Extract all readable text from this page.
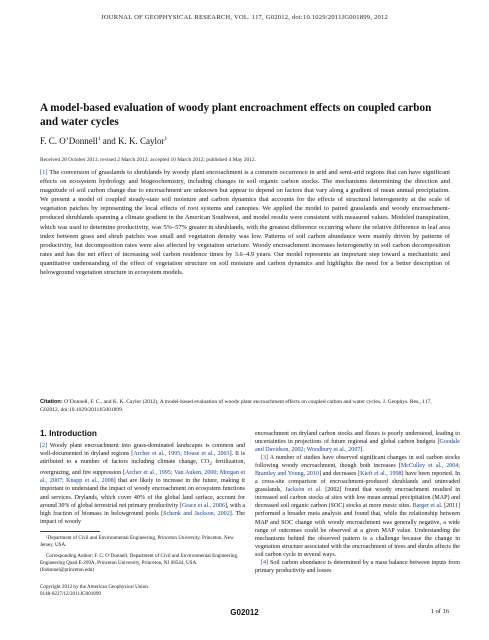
JOURNAL OF GEOPHYSICAL RESEARCH, VOL. 117, G02012, doi:10.1029/2011JG001899, 2012
A model-based evaluation of woody plant encroachment effects on coupled carbon and water cycles
F. C. O’Donnell$^1$ and K. K. Caylor$^1$
Received 28 October 2011; revised 2 March 2012; accepted 10 March 2012; published 4 May 2012.
[1] The conversion of grasslands to shrublands by woody plant encroachment is a common occurrence in arid and semi-arid regions that can have significant effects on ecosystem hydrology and biogeochemistry, including changes in soil organic carbon stocks. The mechanisms determining the direction and magnitude of soil carbon change due to encroachment are unknown but appear to depend on factors that vary along a gradient of mean annual precipitation. We present a model of coupled steady-state soil moisture and carbon dynamics that accounts for the effects of structural heterogeneity at the scale of vegetation patches by representing the local effects of root systems and canopies. We applied the model to paired grasslands and woody encroachment-produced shrublands spanning a climate gradient in the American Southwest, and model results were consistent with measured values. Modeled transpiration, which was used to determine productivity, was 5%–57% greater in shrublands, with the greatest difference occurring where the relative difference in leaf area index between grass and shrub patches was small and vegetation density was low. Patterns of soil carbon abundance were mainly driven by patterns of productivity, but decomposition rates were also affected by vegetation structure. Woody encroachment increases heterogeneity in soil carbon decomposition rates and has the net effect of increasing soil carbon residence times by 3.6–4.9 years. Our model represents an important step toward a mechanistic and quantitative understanding of the effect of vegetation structure on soil moisture and carbon dynamics and highlights the need for a better description of belowground vegetation structure in ecosystem models.
Citation: O’Donnell, F. C., and K. K. Caylor (2012), A model-based evaluation of woody plant encroachment effects on coupled carbon and water cycles, J. Geophys. Res., 117, G02012, doi:10.1029/2011JG001899.
1. Introduction
[2] Woody plant encroachment into grass-dominated landscapes is common and well-documented in dryland regions [Archer et al., 1995; House et al., 2003]. It is attributed to a number of factors including climate change, $CO_2$ fertilization, overgrazing, and fire suppression [Archer et al., 1995; Van Auken, 2000; Morgan et al., 2007; Knapp et al., 2008] that are likely to increase in the future, making it important to understand the impact of woody encroachment on ecosystem functions and services. Drylands, which cover 40% of the global land surface, account for around 30% of global terrestrial net primary productivity [Grace et al., 2006], with a high fraction of biomass in belowground pools [Schenk and Jackson, 2002]. The impact of woody
encroachment on dryland carbon stocks and fluxes is poorly understood, leading to uncertainties in projections of future regional and global carbon budgets [Goodale and Davidson, 2002; Woodbury et al., 2007].
[3] A number of studies have observed significant changes in soil carbon stocks following woody encroachment, though both increases [McCulley et al., 2004; Brantley and Young, 2010] and decreases [Kieft et al., 1998] have been reported. In a cross-site comparison of encroachment-produced shrublands and uninvaded grasslands, Jackson et al. [2002] found that woody encroachment resulted in increased soil carbon stocks at sites with low mean annual precipitation (MAP) and decreased soil organic carbon (SOC) stocks at more mesic sites. Barger et al. [2011] performed a broader meta analysis and found that, while the relationship between MAP and SOC change with woody encroachment was generally negative, a wide range of outcomes could be observed at a given MAP value. Understanding the mechanisms behind the observed pattern is a challenge because the change in vegetation structure associated with the encroachment of trees and shrubs affects the soil carbon cycle in several ways.
[4] Soil carbon abundance is determined by a mass balance between inputs from primary productivity and losses

¹Department of Civil and Environmental Engineering, Princeton University, Princeton, New Jersey, USA.

Corresponding Author: F. C. O’Donnell, Department of Civil and Environmental Engineering, Engineering Quad E-209A, Princeton University, Princeton, NJ 08544, USA. (fodonnel@princeton.edu)

Copyright 2012 by the American Geophysical Union.
0148-0227/12/2011JG001899
G02012	1 of 16
